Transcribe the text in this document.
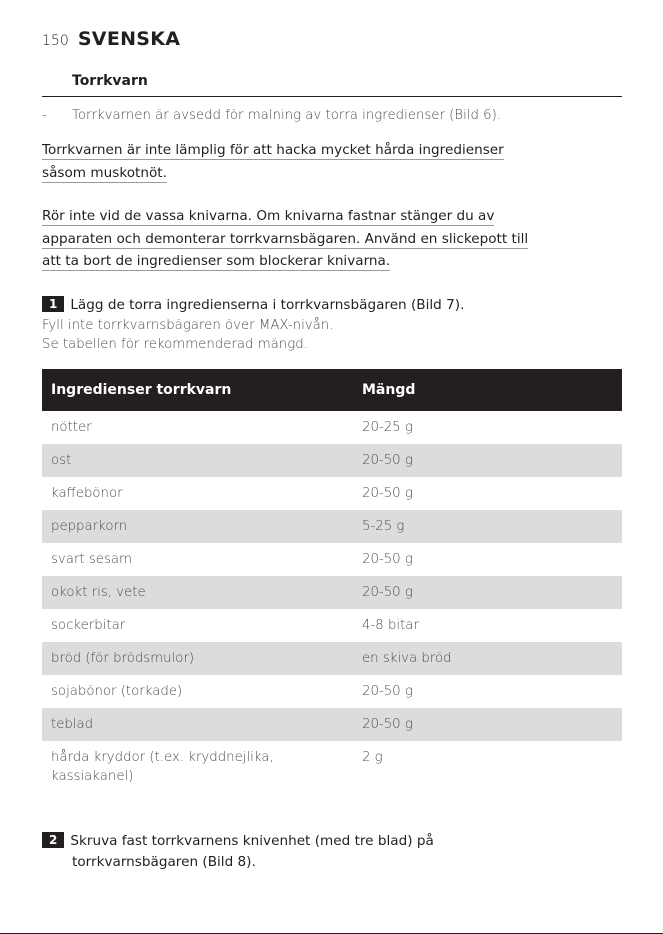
150 SVENSKA
Torrkvarn
- Torrkvarnen är avsedd för malning av torra ingredienser (Bild 6).
Torrkvarnen är inte lämplig för att hacka mycket hårda ingredienser
såsom muskotnöt.
Rör inte vid de vassa knivarna. Om knivarna fastnar stänger du av
apparaten och demonterar torrkvarnsbägaren. Använd en slickepott till
att ta bort de ingredienser som blockerar knivarna.
1 Lägg de torra ingredienserna i torrkvarnsbägaren (Bild 7).
Fyll inte torrkvarnsbägaren över MAX-nivån.
Se tabellen för rekommenderad mängd.
Ingredienser torrkvarn	Mängd
nötter	20-25 g
ost	20-50 g
kaffebönor	20-50 g
pepparkorn	5-25 g
svart sesam	20-50 g
okokt ris, vete	20-50 g
sockerbitar	4-8 bitar
bröd (för brödsmulor)	en skiva bröd
sojabönor (torkade)	20-50 g
teblad	20-50 g

hårda kryddor (t.ex. kryddnejlika,
kassiakanel)	2 g
2 Skruva fast torrkvarnens knivenhet (med tre blad) på
torrkvarnsbägaren (Bild 8).
